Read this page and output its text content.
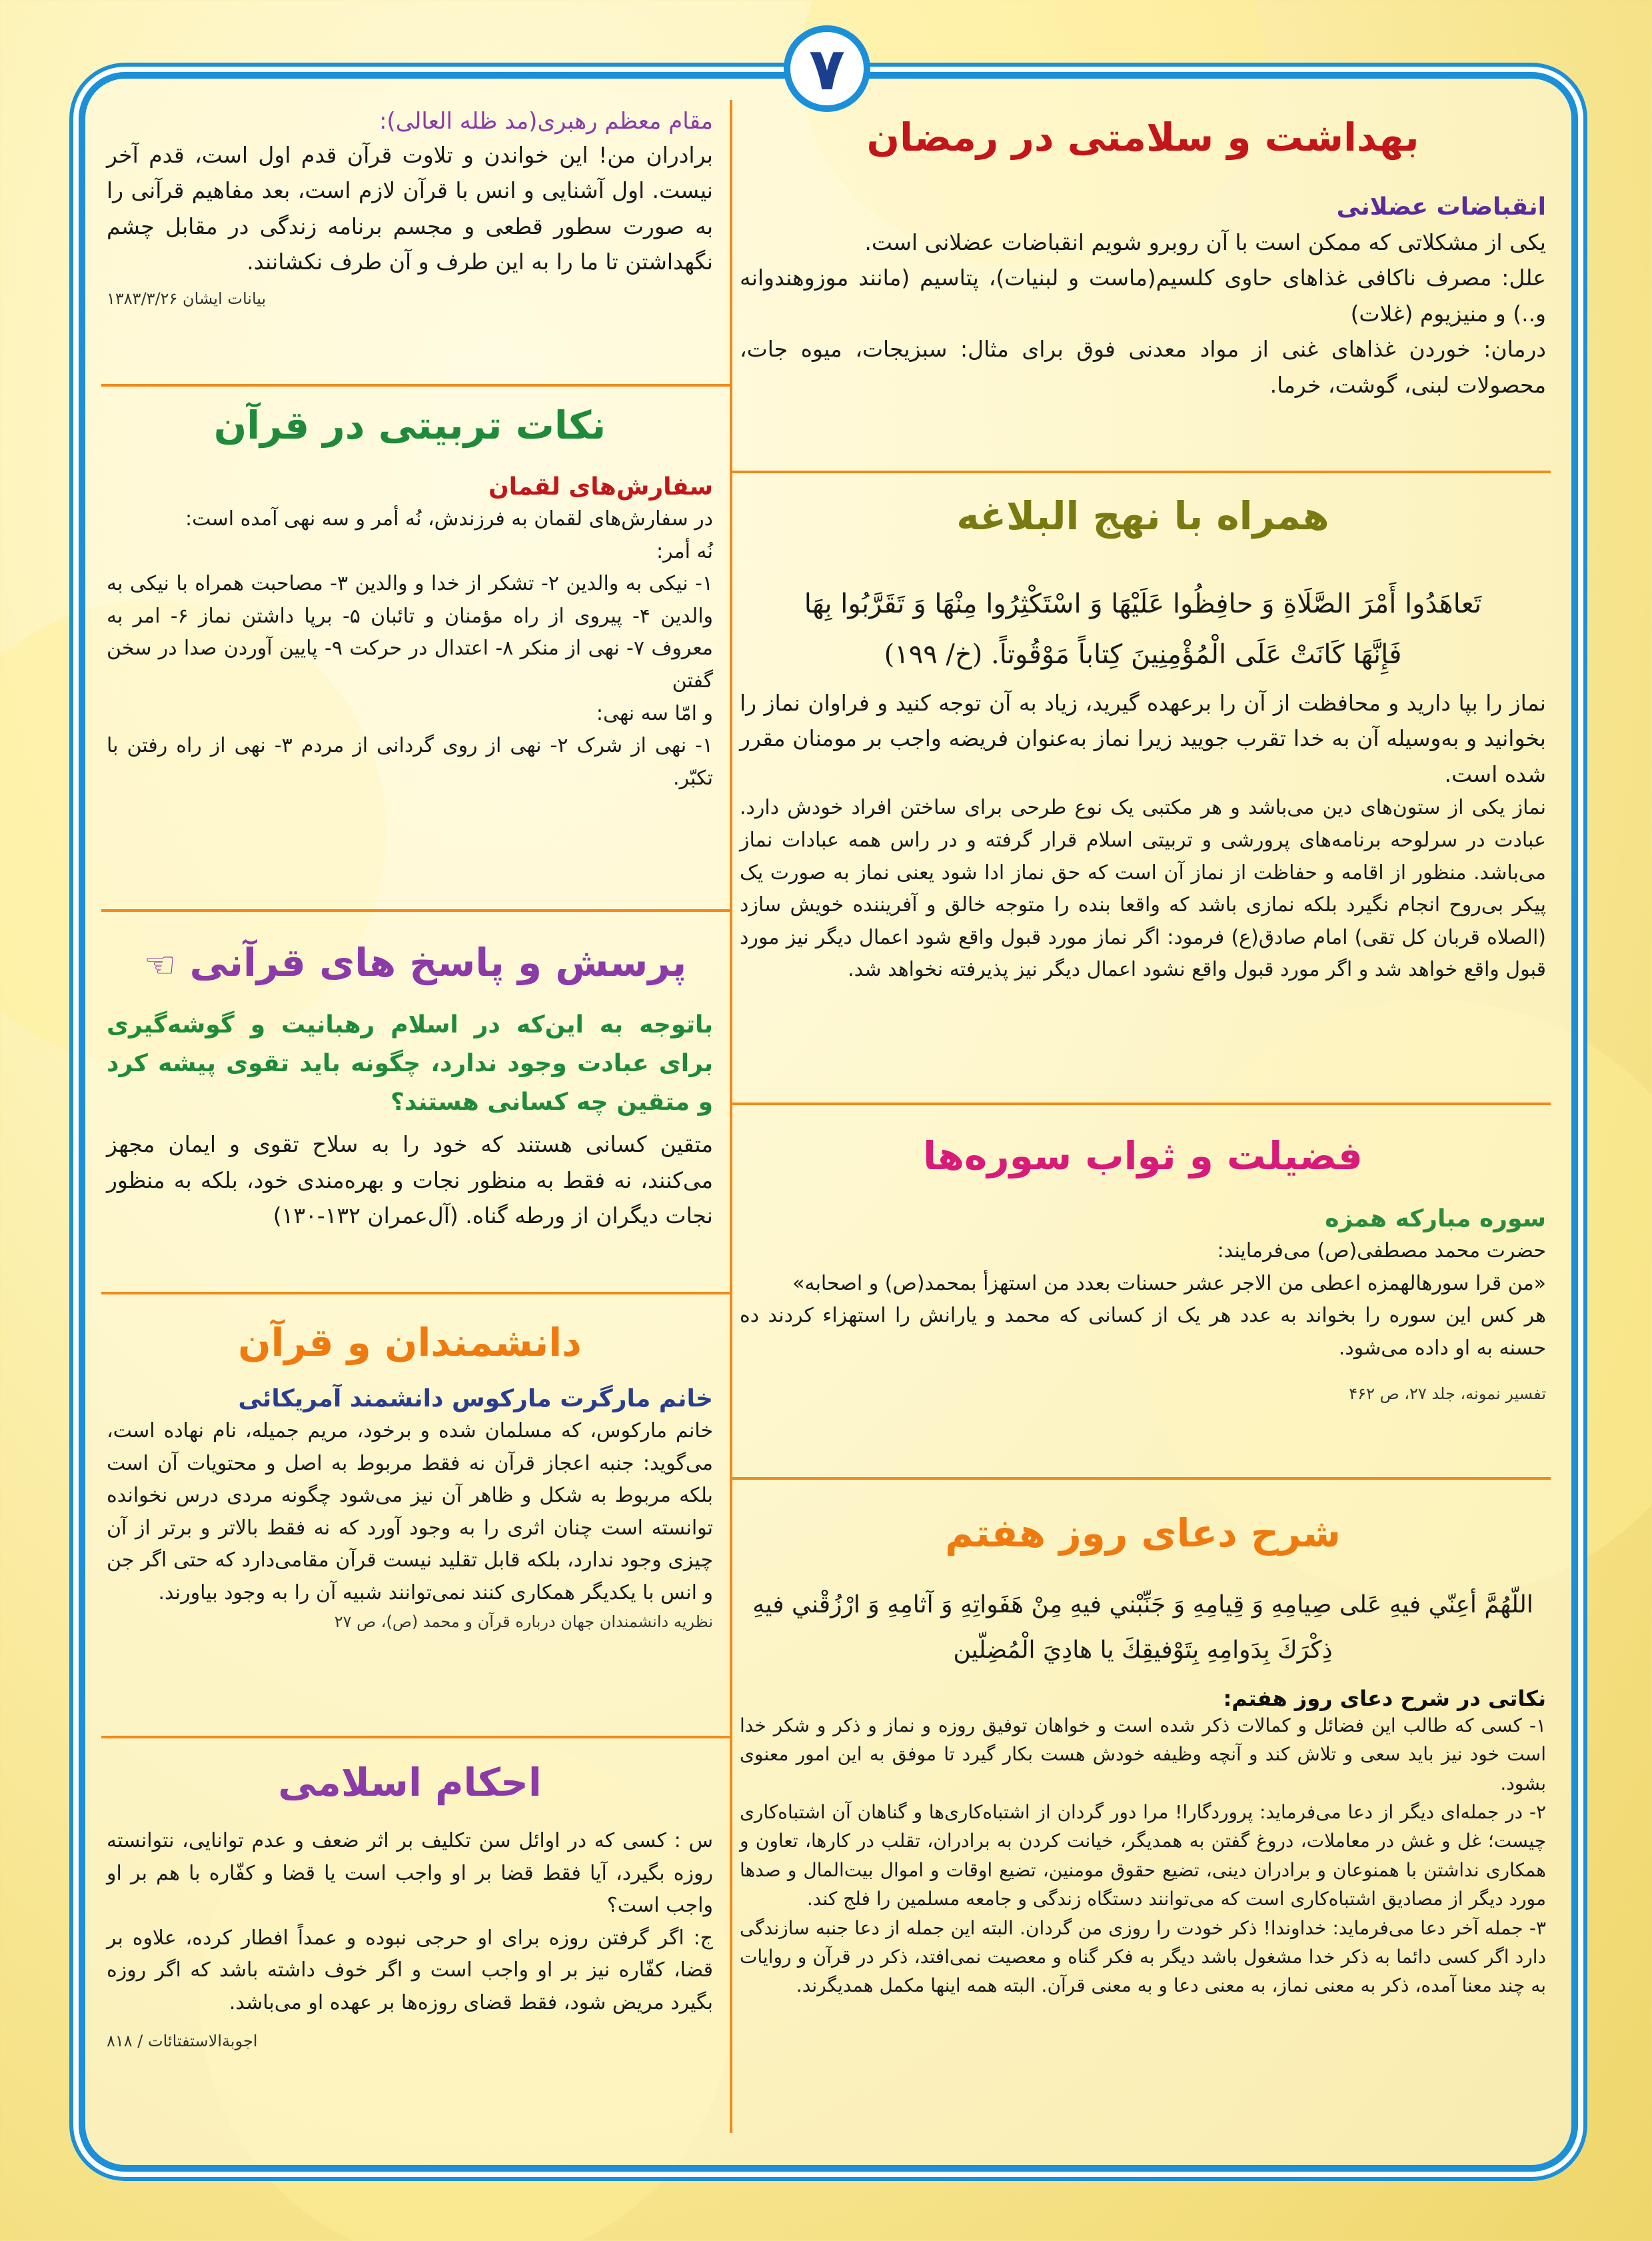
۷
بهداشت و سلامتی در رمضان
انقباضات عضلانی

یکی از مشکلاتی که ممکن است با آن روبرو شویم انقباضات عضلانی است.

علل: مصرف ناکافی غذاهای حاوی کلسیم(ماست و لبنیات)، پتاسیم (مانند موزوهندوانه و..) و منیزیوم (غلات)

درمان: خوردن غذاهای غنی از مواد معدنی فوق برای مثال: سبزیجات، میوه جات، محصولات لبنی، گوشت، خرما.

همراه با نهج البلاغه
تَعاهَدُوا أَمْرَ الصَّلَاةِ وَ حافِظُوا عَلَيْهَا وَ اسْتَكْثِرُوا مِنْهَا وَ تَقَرَّبُوا بِهَا
فَإِنَّهَا كَانَتْ عَلَى الْمُؤْمِنِينَ كِتاباً مَوْقُوتاً. (خ/ ۱۹۹)

نماز را بپا دارید و محافظت از آن را برعهده گیرید، زیاد به آن توجه کنید و فراوان نماز را بخوانید و به‌وسیله آن به خدا تقرب جویید زیرا نماز به‌عنوان فریضه واجب بر مومنان مقرر شده است.

نماز یکی از ستون‌های دین می‌باشد و هر مکتبی یک نوع طرحی برای ساختن افراد خودش دارد. عبادت در سرلوحه برنامه‌های پرورشی و تربیتی اسلام قرار گرفته و در راس همه عبادات نماز می‌باشد. منظور از اقامه و حفاظت از نماز آن است که حق نماز ادا شود یعنی نماز به صورت یک پیکر بی‌روح انجام نگیرد بلکه نمازی باشد که واقعا بنده را متوجه خالق و آفریننده خویش سازد (الصلاه قربان کل تقی) امام صادق(ع) فرمود: اگر نماز مورد قبول واقع شود اعمال دیگر نیز مورد قبول واقع خواهد شد و اگر مورد قبول واقع نشود اعمال دیگر نیز پذیرفته نخواهد شد.

فضیلت و ثواب سوره‌ها
سوره مبارکه همزه

حضرت محمد مصطفی(ص) می‌فرمایند:

«من قرا سورهالهمزه اعطی من الاجر عشر حسنات بعدد من استهزأ بمحمد(ص) و اصحابه»

هر کس این سوره را بخواند به عدد هر یک از کسانی که محمد و یارانش را استهزاء کردند ده حسنه به او داده می‌شود.

تفسیر نمونه، جلد ۲۷، ص ۴۶۲
شرح دعای روز هفتم
اللّهُمَّ أعِنّي فيهِ عَلى صِيامِهِ وَ قِيامِهِ وَ جَنِّبْني فيهِ مِنْ هَفَواتِهِ وَ آثامِهِ وَ ارْزُقْني فيهِ
ذِكْرَكَ بِدَوامِهِ بِتَوْفيقِكَ يا هادِيَ الْمُضِلّين
نکاتی در شرح دعای روز هفتم:

۱- کسی که طالب این فضائل و کمالات ذکر شده است و خواهان توفیق روزه و نماز و ذکر و شکر خدا است خود نیز باید سعی و تلاش کند و آنچه وظیفه خودش هست بکار گیرد تا موفق به این امور معنوی بشود.

۲- در جمله‌ای دیگر از دعا می‌فرماید: پروردگارا! مرا دور گردان از اشتباه‌کاری‌ها و گناهان آن اشتباه‌کاری چیست؛ غل و غش در معاملات، دروغ گفتن به همدیگر، خیانت کردن به برادران، تقلب در کارها، تعاون و همکاری نداشتن با همنوعان و برادران دینی، تضیع حقوق مومنین، تضیع اوقات و اموال بیت‌المال و صدها مورد دیگر از مصادیق اشتباه‌کاری است که می‌توانند دستگاه زندگی و جامعه مسلمین را فلج کند.

۳- جمله آخر دعا می‌فرماید: خداوندا! ذکر خودت را روزی من گردان. البته این جمله از دعا جنبه سازندگی دارد اگر کسی دائما به ذکر خدا مشغول باشد دیگر به فکر گناه و معصیت نمی‌افتد، ذکر در قرآن و روایات به چند معنا آمده، ذکر به معنی نماز، به معنی دعا و به معنی قرآن. البته همه اینها مکمل همدیگرند.

مقام معظم رهبری(مد ظله العالی):

برادران من! این خواندن و تلاوت قرآن قدم اول است، قدم آخر نیست. اول آشنایی و انس با قرآن لازم است، بعد مفاهیم قرآنی را به صورت سطور قطعی و مجسم برنامه زندگی در مقابل چشم نگهداشتن تا ما را به این طرف و آن طرف نکشانند.

بیانات ایشان ۱۳۸۳/۳/۲۶
نکات تربیتی در قرآن
سفارش‌های لقمان

در سفارش‌های لقمان به فرزندش، نُه أمر و سه نهی آمده است:

نُه أمر:

۱- نیکی به والدین ۲- تشکر از خدا و والدین ۳- مصاحبت همراه با نیکی به والدین ۴- پیروی از راه مؤمنان و تائبان ۵- برپا داشتن نماز ۶- امر به معروف ۷- نهی از منکر ۸- اعتدال در حرکت ۹- پایین آوردن صدا در سخن گفتن

و امّا سه نهی:

۱- نهی از شرک ۲- نهی از روی گردانی از مردم ۳- نهی از راه رفتن با تکبّر.

پرسش و پاسخ های قرآنی ☜
باتوجه به این‌که در اسلام رهبانیت و گوشه‌گیری برای عبادت وجود ندارد، چگونه باید تقوی پیشه کرد و متقین چه کسانی هستند؟

متقین کسانی هستند که خود را به سلاح تقوی و ایمان مجهز می‌کنند، نه فقط به منظور نجات و بهره‌مندی خود، بلکه به منظور نجات دیگران از ورطه گناه. (آل‌عمران ۱۳۲-۱۳۰)

دانشمندان و قرآن
خانم مارگرت مارکوس دانشمند آمریکائی

خانم مارکوس، که مسلمان شده و برخود، مریم جمیله، نام نهاده است، می‌گوید: جنبه اعجاز قرآن نه فقط مربوط به اصل و محتویات آن است بلکه مربوط به شکل و ظاهر آن نیز می‌شود چگونه مردی درس نخوانده توانسته است چنان اثری را به وجود آورد که نه فقط بالاتر و برتر از آن چیزی وجود ندارد، بلکه قابل تقلید نیست قرآن مقامی‌دارد که حتی اگر جن و انس با یکدیگر همکاری کنند نمی‌توانند شبیه آن را به وجود بیاورند.

نظریه دانشمندان جهان درباره قرآن و محمد (ص)، ص ۲۷
احکام اسلامی

س : کسی که در اوائل سن تکلیف بر اثر ضعف و عدم توانایی، نتوانسته روزه بگیرد، آیا فقط قضا بر او واجب است یا قضا و کفّاره با هم بر او واجب است؟

ج: اگر گرفتن روزه برای او حرجی نبوده و عمداً افطار کرده، علاوه بر قضا، کفّاره نیز بر او واجب است و اگر خوف داشته باشد که اگر روزه بگیرد مریض شود، فقط قضای روزه‌ها بر عهده او می‌باشد.

اجوبة‌الاستفتائات / ۸۱۸
